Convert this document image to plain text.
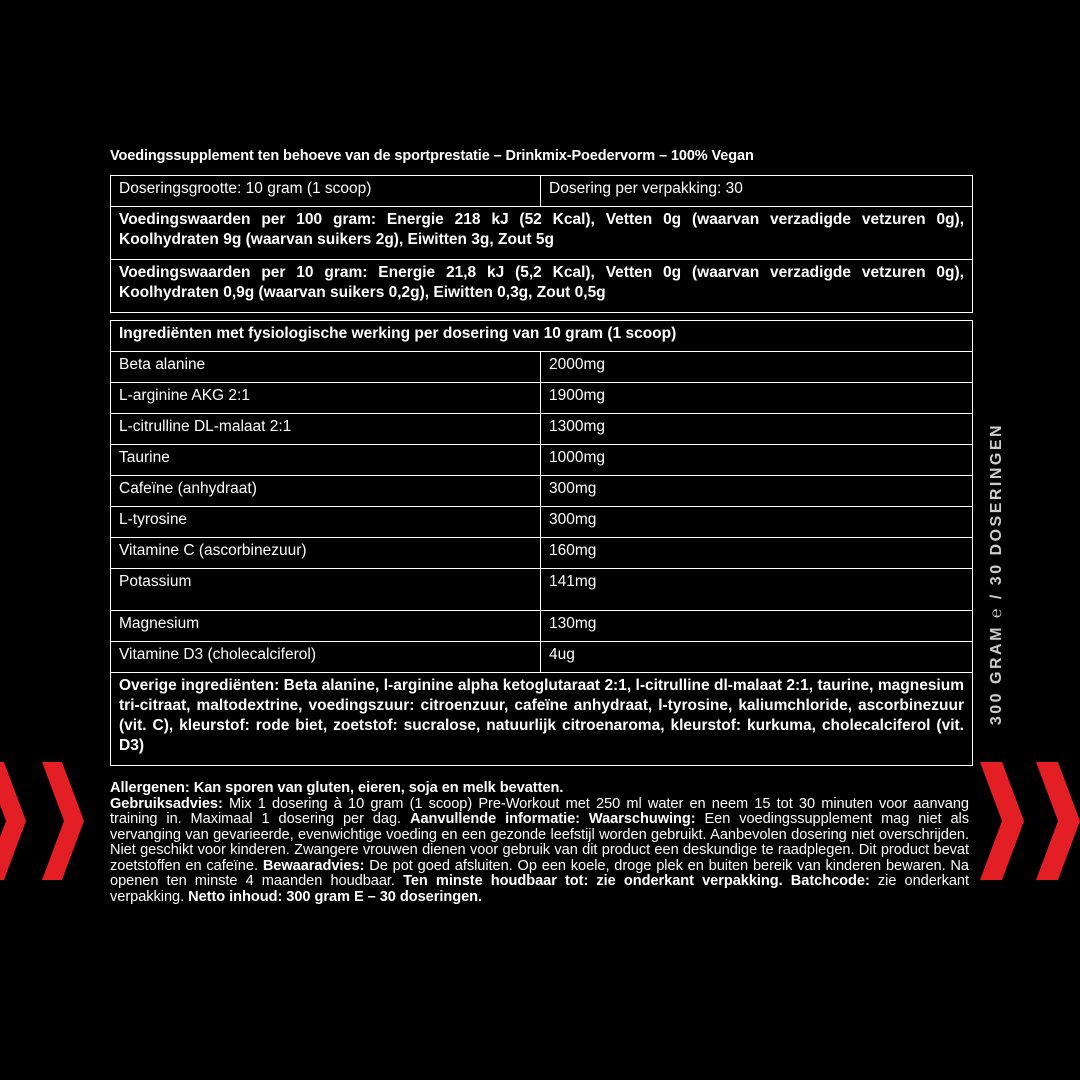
Voedingssupplement ten behoeve van de sportprestatie – Drinkmix-Poedervorm – 100% Vegan
Doseringsgrootte: 10 gram (1 scoop)	Dosering per verpakking: 30
Voedingswaarden per 100 gram: Energie 218 kJ (52 Kcal), Vetten 0g (waarvan verzadigde vetzuren 0g), Koolhydraten 9g (waarvan suikers 2g), Eiwitten 3g, Zout 5g
Voedingswaarden per 10 gram: Energie 21,8 kJ (5,2 Kcal), Vetten 0g (waarvan verzadigde vetzuren 0g), Koolhydraten 0,9g (waarvan suikers 0,2g), Eiwitten 0,3g, Zout 0,5g
Ingrediënten met fysiologische werking per dosering van 10 gram (1 scoop)	
Beta alanine	2000mg
L-arginine AKG 2:1	1900mg
L-citrulline DL-malaat 2:1	1300mg
Taurine	1000mg
Cafeïne (anhydraat)	300mg
L-tyrosine	300mg
Vitamine C (ascorbinezuur)	160mg
Potassium	141mg
Magnesium	130mg
Vitamine D3 (cholecalciferol)	4ug
Overige ingrediënten: Beta alanine, l-arginine alpha ketoglutaraat 2:1, l-citrulline dl-malaat 2:1, taurine, magnesium tri-citraat, maltodextrine, voedingszuur: citroenzuur, cafeïne anhydraat, l-tyrosine, kaliumchloride, ascorbinezuur (vit. C), kleurstof: rode biet, zoetstof: sucralose, natuurlijk citroenaroma, kleurstof: kurkuma, cholecalciferol (vit. D3)	
Allergenen: Kan sporen van gluten, eieren, soja en melk bevatten.
Gebruiksadvies: Mix 1 dosering à 10 gram (1 scoop) Pre-Workout met 250 ml water en neem 15 tot 30 minuten voor aanvang training in. Maximaal 1 dosering per dag. Aanvullende informatie: Waarschuwing: Een voedingssupplement mag niet als vervanging van gevarieerde, evenwichtige voeding en een gezonde leefstijl worden gebruikt. Aanbevolen dosering niet overschrijden. Niet geschikt voor kinderen. Zwangere vrouwen dienen voor gebruik van dit product een deskundige te raadplegen. Dit product bevat zoetstoffen en cafeïne. Bewaaradvies: De pot goed afsluiten. Op een koele, droge plek en buiten bereik van kinderen bewaren. Na openen ten minste 4 maanden houdbaar. Ten minste houdbaar tot: zie onderkant verpakking. Batchcode: zie onderkant verpakking. Netto inhoud: 300 gram E – 30 doseringen.
300 GRAM ℮ / 30 DOSERINGEN
